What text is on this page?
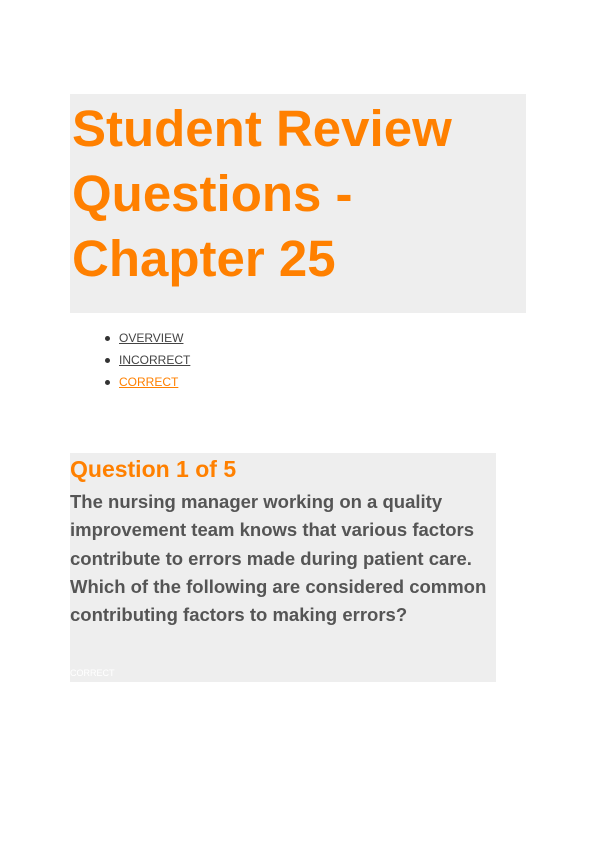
Student Review Questions - Chapter 25
OVERVIEW
INCORRECT
CORRECT
Question 1 of 5

The nursing manager working on a quality improvement team knows that various factors contribute to errors made during patient care. Which of the following are considered common contributing factors to making errors?

CORRECT
